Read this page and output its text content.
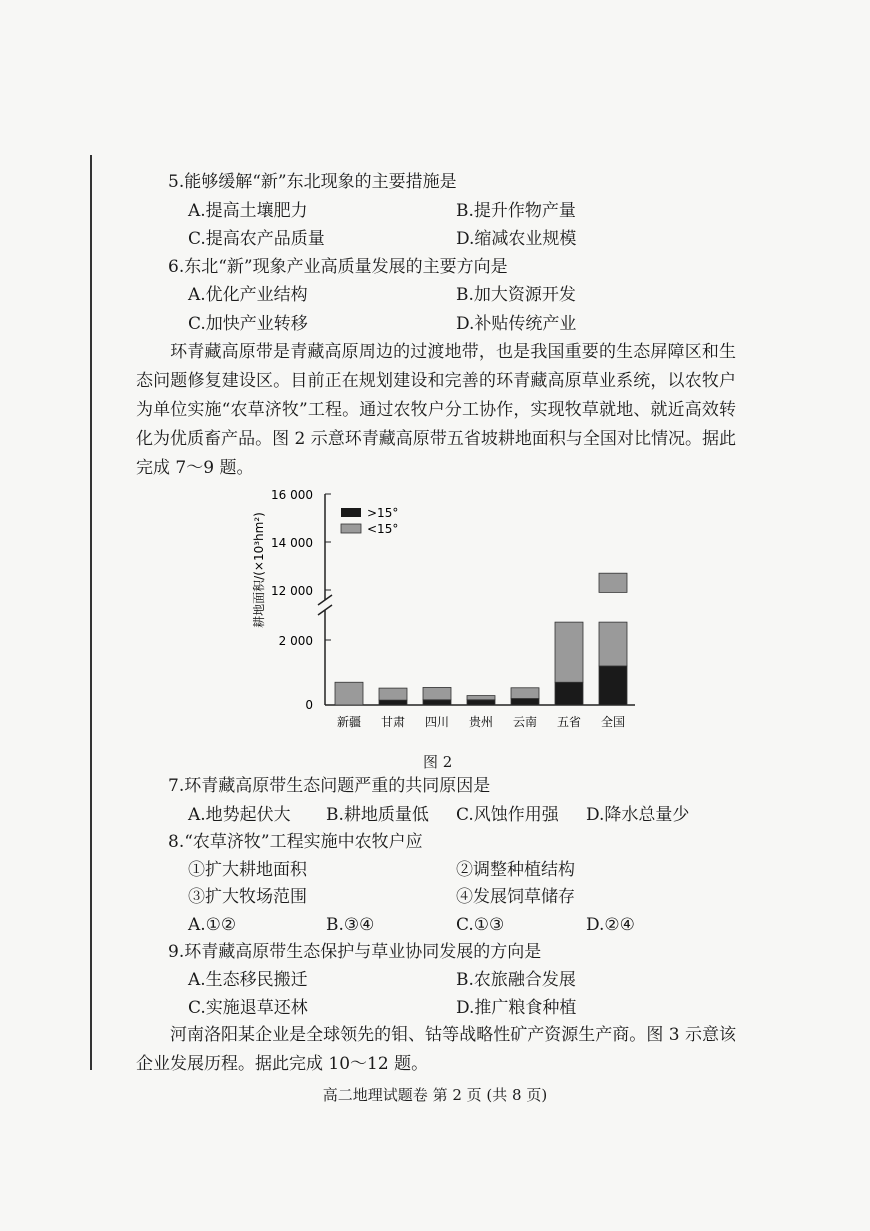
5.能够缓解“新”东北现象的主要措施是
A.提高土壤肥力	B.提升作物产量
C.提高农产品质量	D.缩减农业规模
6.东北“新”现象产业高质量发展的主要方向是
A.优化产业结构	B.加大资源开发
C.加快产业转移	D.补贴传统产业
环青藏高原带是青藏高原周边的过渡地带，也是我国重要的生态屏障区和生态问题修复建设区。目前正在规划建设和完善的环青藏高原草业系统，以农牧户为单位实施“农草济牧”工程。通过农牧户分工协作，实现牧草就地、就近高效转化为优质畜产品。图 2 示意环青藏高原带五省坡耕地面积与全国对比情况。据此完成 7～9 题。
16 000
14 000
12 000
2 000
0
耕地面积/(×10³hm²)	>15°
<15°
新疆 甘肃 四川 贵州 云南 五省 全国
图 2
7.环青藏高原带生态问题严重的共同原因是
A.地势起伏大 B.耕地质量低 C.风蚀作用强 D.降水总量少
8.“农草济牧”工程实施中农牧户应
①扩大耕地面积	②调整种植结构
③扩大牧场范围	④发展饲草储存
A.①②	B.③④	C.①③	D.②④
9.环青藏高原带生态保护与草业协同发展的方向是
A.生态移民搬迁	B.农旅融合发展
C.实施退草还林	D.推广粮食种植
河南洛阳某企业是全球领先的钼、钴等战略性矿产资源生产商。图 3 示意该企业发展历程。据此完成 10～12 题。
高二地理试题卷 第 2 页 (共 8 页)
